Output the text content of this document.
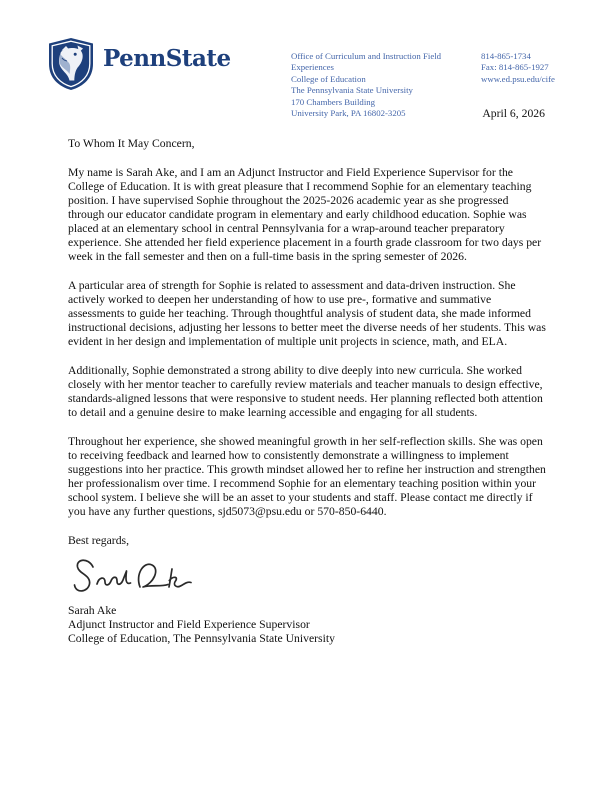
PennState	Office of Curriculum and Instruction Field Experiences
College of Education
The Pennsylvania State University
170 Chambers Building
University Park, PA 16802-3205
814-865-1734
Fax: 814-865-1927
www.ed.psu.edu/cife
April 6, 2026

To Whom It May Concern,

My name is Sarah Ake, and I am an Adjunct Instructor and Field Experience Supervisor for the College of Education. It is with great pleasure that I recommend Sophie for an elementary teaching position. I have supervised Sophie throughout the 2025-2026 academic year as she progressed through our educator candidate program in elementary and early childhood education. Sophie was placed at an elementary school in central Pennsylvania for a wrap-around teacher preparatory experience. She attended her field experience placement in a fourth grade classroom for two days per week in the fall semester and then on a full-time basis in the spring semester of 2026.

A particular area of strength for Sophie is related to assessment and data-driven instruction. She actively worked to deepen her understanding of how to use pre-, formative and summative assessments to guide her teaching. Through thoughtful analysis of student data, she made informed instructional decisions, adjusting her lessons to better meet the diverse needs of her students. This was evident in her design and implementation of multiple unit projects in science, math, and ELA.

Additionally, Sophie demonstrated a strong ability to dive deeply into new curricula. She worked closely with her mentor teacher to carefully review materials and teacher manuals to design effective, standards-aligned lessons that were responsive to student needs. Her planning reflected both attention to detail and a genuine desire to make learning accessible and engaging for all students.

Throughout her experience, she showed meaningful growth in her self-reflection skills. She was open to receiving feedback and learned how to consistently demonstrate a willingness to implement suggestions into her practice. This growth mindset allowed her to refine her instruction and strengthen her professionalism over time. I recommend Sophie for an elementary teaching position within your school system. I believe she will be an asset to your students and staff. Please contact me directly if you have any further questions, sjd5073@psu.edu or 570-850-6440.

Best regards,

Sarah Ake
Adjunct Instructor and Field Experience Supervisor
College of Education, The Pennsylvania State University
